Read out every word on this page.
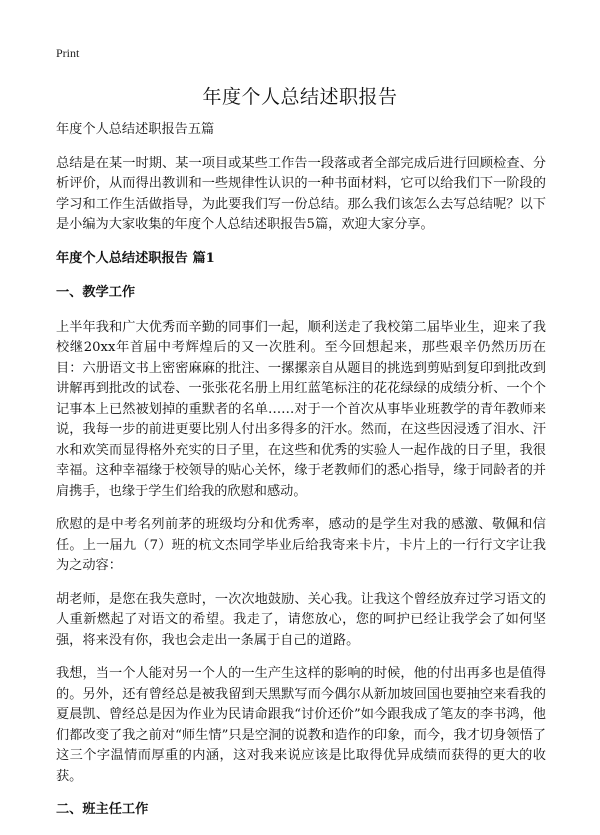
Print
年度个人总结述职报告

年度个人总结述职报告五篇

总结是在某一时期、某一项目或某些工作告一段落或者全部完成后进行回顾检查、分析评价，从而得出教训和一些规律性认识的一种书面材料，它可以给我们下一阶段的学习和工作生活做指导，为此要我们写一份总结。那么我们该怎么去写总结呢？以下是小编为大家收集的年度个人总结述职报告5篇，欢迎大家分享。

年度个人总结述职报告 篇1

一、教学工作

上半年我和广大优秀而辛勤的同事们一起，顺利送走了我校第二届毕业生，迎来了我校继20xx年首届中考辉煌后的又一次胜利。至今回想起来，那些艰辛仍然历历在目：六册语文书上密密麻麻的批注、一摞摞亲自从题目的挑选到剪贴到复印到批改到讲解再到批改的试卷、一张张花名册上用红蓝笔标注的花花绿绿的成绩分析、一个个记事本上已然被划掉的重默者的名单……对于一个首次从事毕业班教学的青年教师来说，我每一步的前进更要比别人付出多得多的汗水。然而，在这些因浸透了泪水、汗水和欢笑而显得格外充实的日子里，在这些和优秀的实验人一起作战的日子里，我很幸福。这种幸福缘于校领导的贴心关怀，缘于老教师们的悉心指导，缘于同龄者的并肩携手，也缘于学生们给我的欣慰和感动。

欣慰的是中考名列前茅的班级均分和优秀率，感动的是学生对我的感激、敬佩和信任。上一届九（7）班的杭文杰同学毕业后给我寄来卡片，卡片上的一行行文字让我为之动容：

胡老师，是您在我失意时，一次次地鼓励、关心我。让我这个曾经放弃过学习语文的人重新燃起了对语文的希望。我走了，请您放心，您的呵护已经让我学会了如何坚强，将来没有你，我也会走出一条属于自己的道路。

我想，当一个人能对另一个人的一生产生这样的影响的时候，他的付出再多也是值得的。另外，还有曾经总是被我留到天黑默写而今偶尔从新加坡回国也要抽空来看我的夏晨凯、曾经总是因为作业为民请命跟我“讨价还价”如今跟我成了笔友的李书鸿，他们都改变了我之前对“师生情”只是空洞的说教和造作的印象，而今，我才切身领悟了这三个字温情而厚重的内涵，这对我来说应该是比取得优异成绩而获得的更大的收获。

二、班主任工作
